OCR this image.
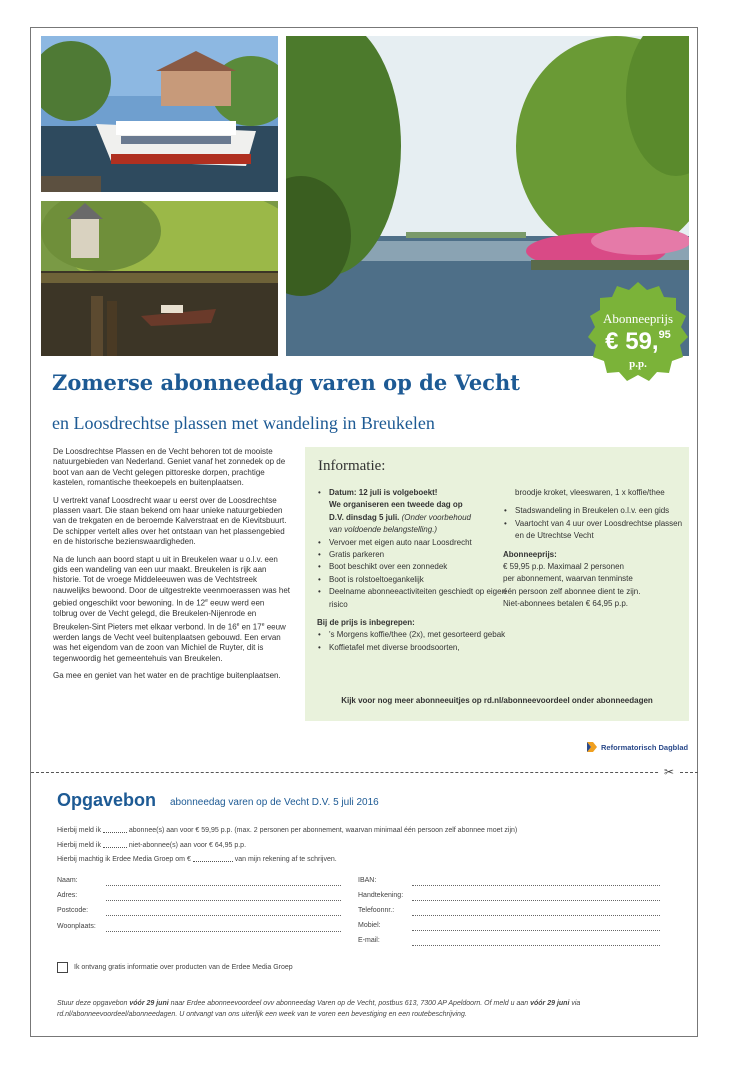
Abonneeprijs
€ 59,95
p.p.
Zomerse abonneedag varen op de Vecht
en Loosdrechtse plassen met wandeling in Breukelen

De Loosdrechtse Plassen en de Vecht behoren tot de mooiste natuurgebieden van Nederland. Geniet vanaf het zonnedek op de boot van aan de Vecht gelegen pittoreske dorpen, prachtige kastelen, romantische theekoepels en buitenplaatsen.

U vertrekt vanaf Loosdrecht waar u eerst over de Loosdrechtse plassen vaart. Die staan bekend om haar unieke natuurgebieden van de trekgaten en de beroemde Kalverstraat en de Kievitsbuurt. De schipper vertelt alles over het ontstaan van het plassengebied en de historische bezienswaardigheden.

Na de lunch aan boord stapt u uit in Breukelen waar u o.l.v. een gids een wandeling van een uur maakt. Breukelen is rijk aan historie. Tot de vroege Middeleeuwen was de Vechtstreek nauwelijks bewoond. Door de uitgestrekte veenmoerassen was het gebied ongeschikt voor bewoning. In de 12e eeuw werd een tolbrug over de Vecht gelegd, die Breukelen-Nijenrode en Breukelen-Sint Pieters met elkaar verbond. In de 16e en 17e eeuw werden langs de Vecht veel buitenplaatsen gebouwd. Een ervan was het eigendom van de zoon van Michiel de Ruyter, dit is tegenwoordig het gemeentehuis van Breukelen.

Ga mee en geniet van het water en de prachtige buitenplaatsen.

Informatie:
• Datum: 12 juli is volgeboekt!
We organiseren een tweede dag op
D.V. dinsdag 5 juli. (Onder voorbehoud
van voldoende belangstelling.)
• Vervoer met eigen auto naar Loosdrecht
• Gratis parkeren
• Boot beschikt over een zonnedek
• Boot is rolstoeltoegankelijk
• Deelname abonneeactiviteiten geschiedt op eigen risico
Bij de prijs is inbegrepen:
• 's Morgens koffie/thee (2x), met gesorteerd gebak
• Koffietafel met diverse broodsoorten,
broodje kroket, vleeswaren, 1 x koffie/thee
• Stadswandeling in Breukelen o.l.v. een gids
• Vaartocht van 4 uur over Loosdrechtse plassen en de Utrechtse Vecht
Abonneeprijs:
€ 59,95 p.p. Maximaal 2 personen
per abonnement, waarvan tenminste
één persoon zelf abonnee dient te zijn.
Niet-abonnees betalen € 64,95 p.p.
Kijk voor nog meer abonneeuitjes op rd.nl/abonneevoordeel onder abonneedagen
Reformatorisch Dagblad
✂
Opgavebon abonneedag varen op de Vecht D.V. 5 juli 2016
Hierbij meld ik	abonnee(s) aan voor € 59,95 p.p. (max. 2 personen per abonnement, waarvan minimaal één persoon zelf abonnee moet zijn)
Hierbij meld ik	niet-abonnee(s) aan voor € 64,95 p.p.
Hierbij machtig ik Erdee Media Groep om €	van mijn rekening af te schrijven.
Naam:
Adres:
Postcode:
Woonplaats:
IBAN:
Handtekening:
Telefoonnr.:
Mobiel:
E-mail:
Ik ontvang gratis informatie over producten van de Erdee Media Groep
Stuur deze opgavebon vóór 29 juni naar Erdee abonneevoordeel ovv abonneedag Varen op de Vecht, postbus 613, 7300 AP Apeldoorn. Of meld u aan vóór 29 juni via rd.nl/abonneevoordeel/abonneedagen. U ontvangt van ons uiterlijk een week van te voren een bevestiging en een routebeschrijving.
